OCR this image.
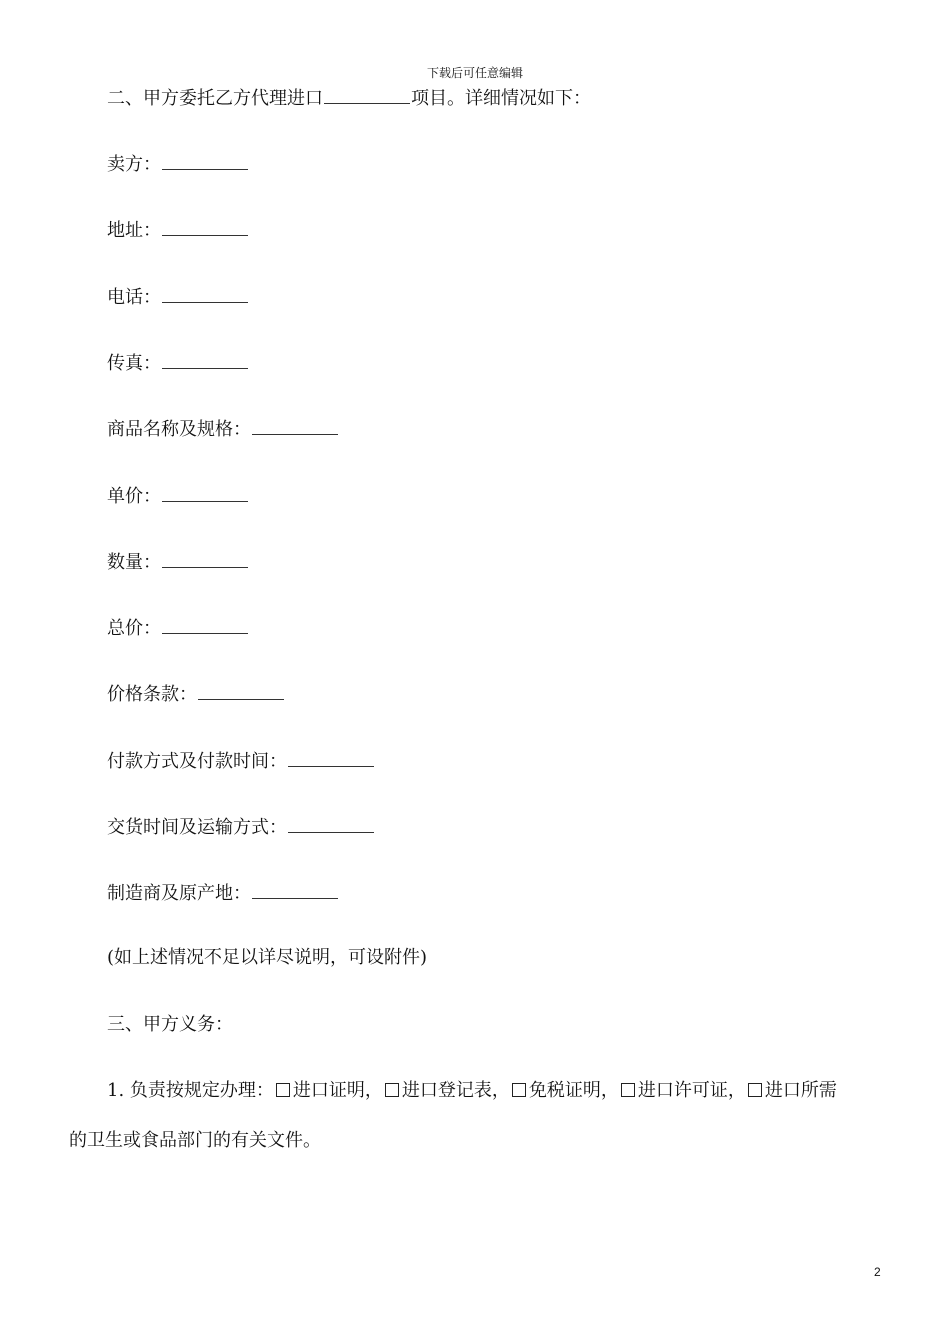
下载后可任意编辑
二、甲方委托乙方代理进口	项目。详细情况如下：
卖方：
地址：
电话：
传真：
商品名称及规格：
单价：
数量：
总价：
价格条款：
付款方式及付款时间：
交货时间及运输方式：
制造商及原产地：
(如上述情况不足以详尽说明，可设附件)
三、甲方义务：
1. 负责按规定办理： 进口证明， 进口登记表， 免税证明， 进口许可证， 进口所需
的卫生或食品部门的有关文件。
2
